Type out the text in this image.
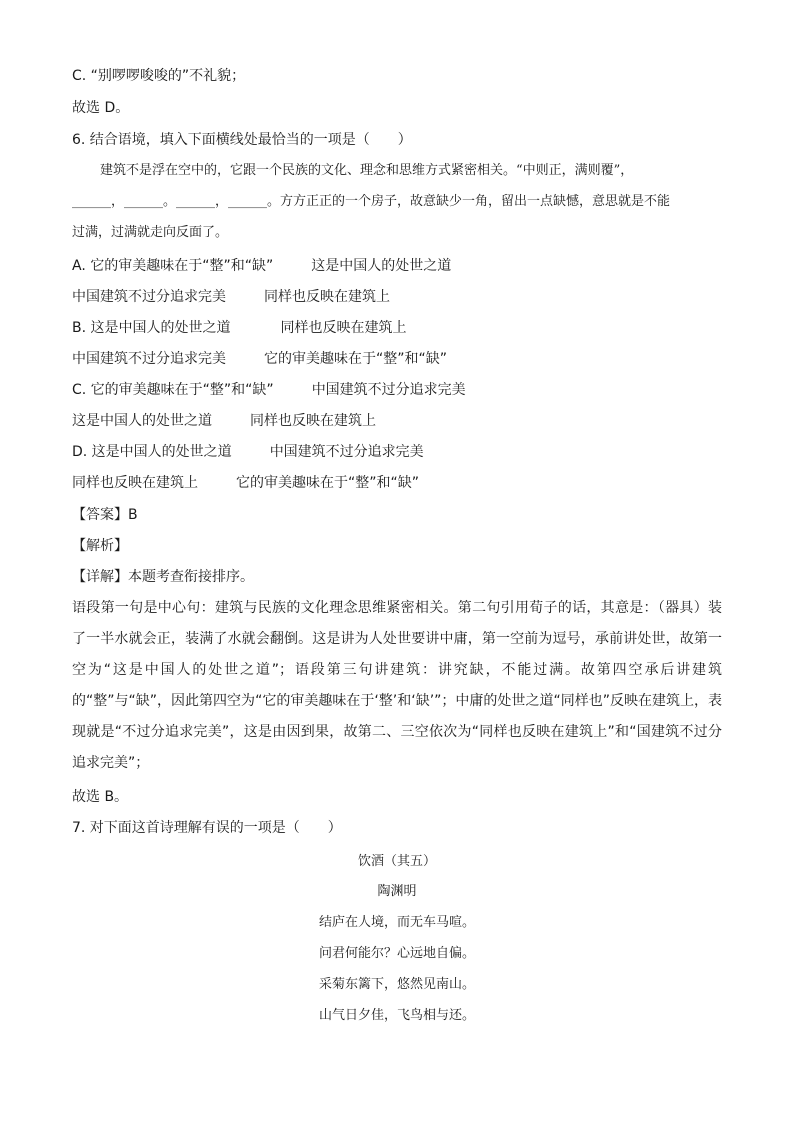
C. “别啰啰唆唆的”不礼貌；
故选 D。
6. 结合语境，填入下面横线处最恰当的一项是（　　）
建筑不是浮在空中的，它跟一个民族的文化、理念和思维方式紧密相关。“中则正，满则覆”，
______，______。______，______。方方正正的一个房子，故意缺少一角，留出一点缺憾，意思就是不能
过满，过满就走向反面了。
A. 它的审美趣味在于“整”和“缺”	这是中国人的处世之道
中国建筑不过分追求完美	同样也反映在建筑上
B. 这是中国人的处世之道	同样也反映在建筑上
中国建筑不过分追求完美	它的审美趣味在于“整”和“缺”
C. 它的审美趣味在于“整”和“缺”	中国建筑不过分追求完美
这是中国人的处世之道	同样也反映在建筑上
D. 这是中国人的处世之道	中国建筑不过分追求完美
同样也反映在建筑上	它的审美趣味在于“整”和“缺”
【答案】B
【解析】
【详解】本题考查衔接排序。
语段第一句是中心句：建筑与民族的文化理念思维紧密相关。第二句引用荀子的话，其意是：（器具）装了一半水就会正，装满了水就会翻倒。这是讲为人处世要讲中庸，第一空前为逗号，承前讲处世，故第一空为“这是中国人的处世之道”；语段第三句讲建筑：讲究缺，不能过满。故第四空承后讲建筑的“整”与“缺”，因此第四空为“它的审美趣味在于‘整’和‘缺’”；中庸的处世之道“同样也”反映在建筑上，表现就是“不过分追求完美”，这是由因到果，故第二、三空依次为“同样也反映在建筑上”和“国建筑不过分追求完美”；
故选 B。
7. 对下面这首诗理解有误的一项是（　　）
饮酒（其五）
陶渊明
结庐在人境，而无车马喧。
问君何能尔？心远地自偏。
采菊东篱下，悠然见南山。
山气日夕佳，飞鸟相与还。
